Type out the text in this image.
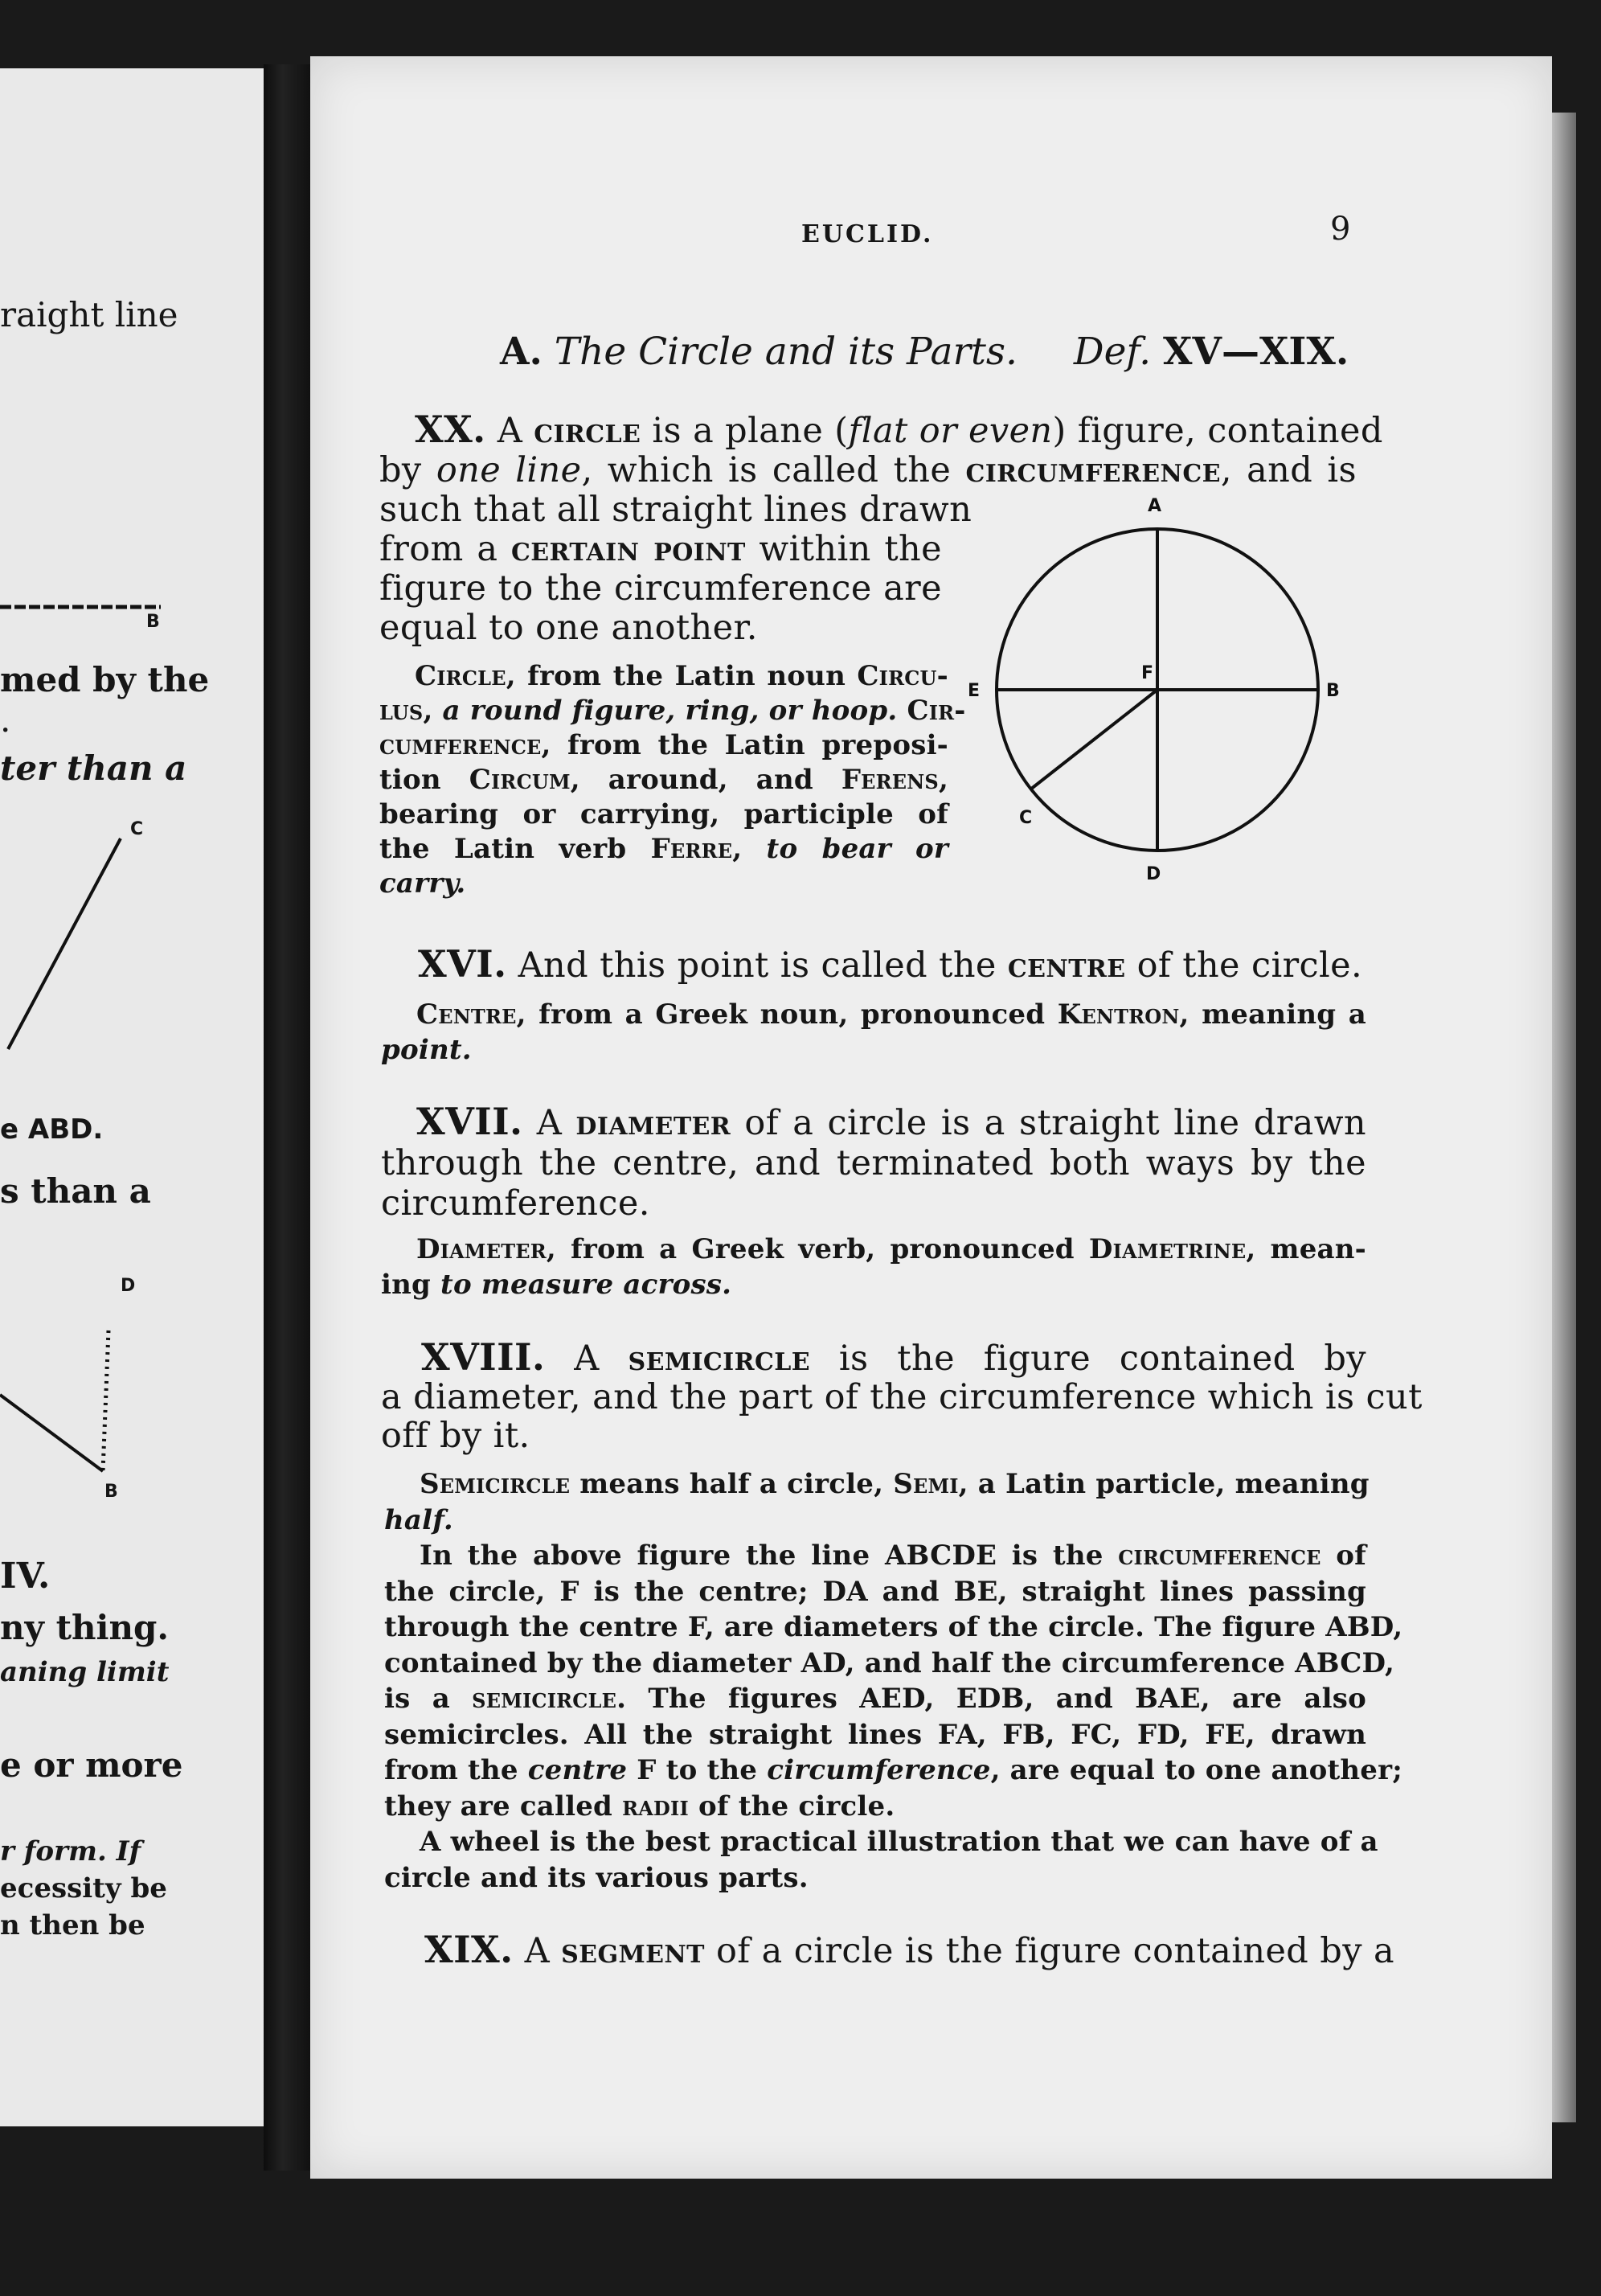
raight line
med by the
.
ter than a
e ABD.
s than a
IV.
ny thing.
aning limit
e or more
r form. If
ecessity be
n then be
B
C
D
B
EUCLID.	9
A. The Circle and its Parts. Def. XV—XIX.
XX. A circle is a plane (flat or even) figure, contained
by one line, which is called the circumference, and is
such that all straight lines drawn
from a certain point within the
figure to the circumference are
equal to one another.
Circle, from the Latin noun Circu-
lus, a round figure, ring, or hoop. Cir-
cumference, from the Latin preposi-
tion Circum, around, and Ferens,
bearing or carrying, participle of
the Latin verb Ferre, to bear or
carry.
A
B
C
D
E
F
XVI. And this point is called the centre of the circle.
Centre, from a Greek noun, pronounced Kentron, meaning a
point.
XVII. A diameter of a circle is a straight line drawn
through the centre, and terminated both ways by the
circumference.
Diameter, from a Greek verb, pronounced Diametrine, mean-
ing to measure across.
XVIII. A semicircle is the figure contained by
a diameter, and the part of the circumference which is cut
off by it.
Semicircle means half a circle, Semi, a Latin particle, meaning
half.
In the above figure the line ABCDE is the circumference of
the circle, F is the centre; DA and BE, straight lines passing
through the centre F, are diameters of the circle. The figure ABD,
contained by the diameter AD, and half the circumference ABCD,
is a semicircle. The figures AED, EDB, and BAE, are also
semicircles. All the straight lines FA, FB, FC, FD, FE, drawn
from the centre F to the circumference, are equal to one another;
they are called radii of the circle.
A wheel is the best practical illustration that we can have of a
circle and its various parts.
XIX. A segment of a circle is the figure contained by a
